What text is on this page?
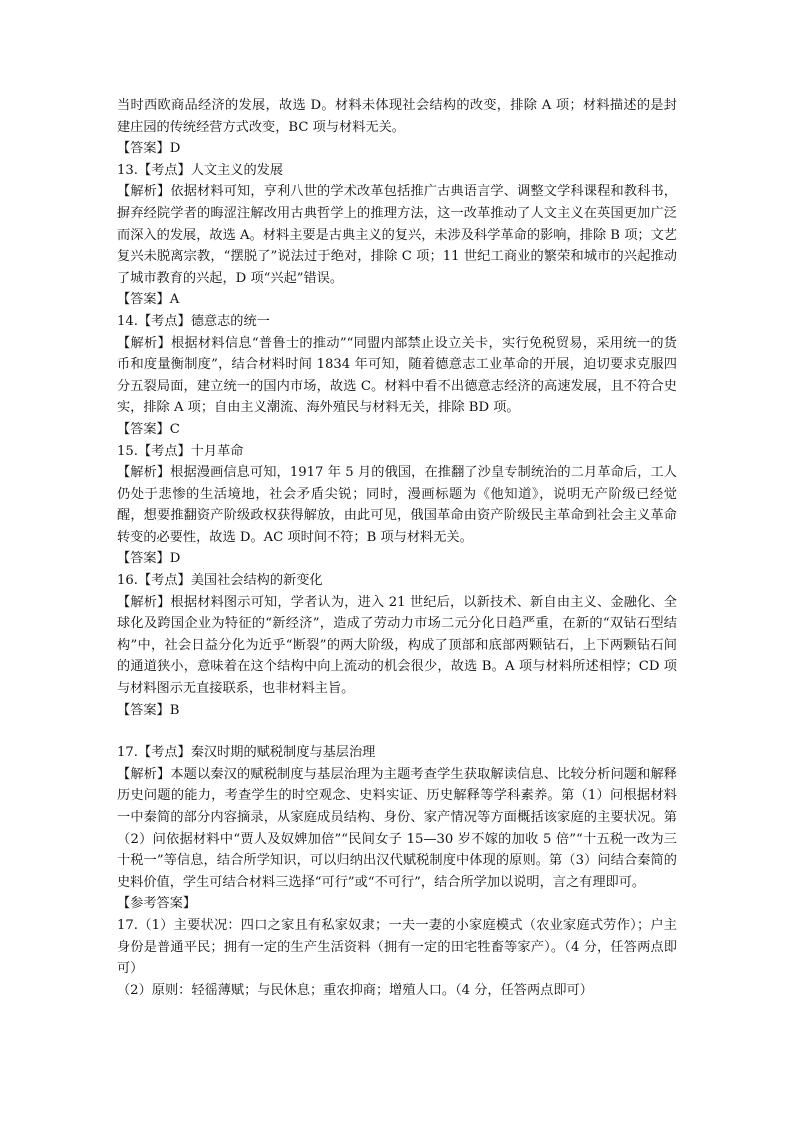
当时西欧商品经济的发展，故选 D。材料未体现社会结构的改变，排除 A 项；材料描述的是封建庄园的传统经营方式改变，BC 项与材料无关。

【答案】D

13.【考点】人文主义的发展

【解析】依据材料可知，亨利八世的学术改革包括推广古典语言学、调整文学科课程和教科书，摒弃经院学者的晦涩注解改用古典哲学上的推理方法，这一改革推动了人文主义在英国更加广泛而深入的发展，故选 A。材料主要是古典主义的复兴，未涉及科学革命的影响，排除 B 项；文艺复兴未脱离宗教，“摆脱了”说法过于绝对，排除 C 项；11 世纪工商业的繁荣和城市的兴起推动了城市教育的兴起，D 项“兴起”错误。

【答案】A

14.【考点】德意志的统一

【解析】根据材料信息“普鲁士的推动”“同盟内部禁止设立关卡，实行免税贸易，采用统一的货币和度量衡制度”，结合材料时间 1834 年可知，随着德意志工业革命的开展，迫切要求克服四分五裂局面，建立统一的国内市场，故选 C。材料中看不出德意志经济的高速发展，且不符合史实，排除 A 项；自由主义潮流、海外殖民与材料无关，排除 BD 项。

【答案】C

15.【考点】十月革命

【解析】根据漫画信息可知，1917 年 5 月的俄国，在推翻了沙皇专制统治的二月革命后，工人仍处于悲惨的生活境地，社会矛盾尖锐；同时，漫画标题为《他知道》，说明无产阶级已经觉醒，想要推翻资产阶级政权获得解放，由此可见，俄国革命由资产阶级民主革命到社会主义革命转变的必要性，故选 D。AC 项时间不符；B 项与材料无关。

【答案】D

16.【考点】美国社会结构的新变化

【解析】根据材料图示可知，学者认为，进入 21 世纪后，以新技术、新自由主义、金融化、全球化及跨国企业为特征的“新经济”，造成了劳动力市场二元分化日趋严重，在新的“双钻石型结构”中，社会日益分化为近乎“断裂”的两大阶级，构成了顶部和底部两颗钻石，上下两颗钻石间的通道狭小，意味着在这个结构中向上流动的机会很少，故选 B。A 项与材料所述相悖；CD 项与材料图示无直接联系，也非材料主旨。

【答案】B

17.【考点】秦汉时期的赋税制度与基层治理

【解析】本题以秦汉的赋税制度与基层治理为主题考查学生获取解读信息、比较分析问题和解释历史问题的能力，考查学生的时空观念、史料实证、历史解释等学科素养。第（1）问根据材料一中秦简的部分内容摘录，从家庭成员结构、身份、家产情况等方面概括该家庭的主要状况。第（2）问依据材料中“贾人及奴婢加倍”“民间女子 15—30 岁不嫁的加收 5 倍”“十五税一改为三十税一”等信息，结合所学知识，可以归纳出汉代赋税制度中体现的原则。第（3）问结合秦简的史料价值，学生可结合材料三选择“可行”或“不可行”，结合所学加以说明，言之有理即可。

【参考答案】

17.（1）主要状况：四口之家且有私家奴隶；一夫一妻的小家庭模式（农业家庭式劳作）；户主身份是普通平民；拥有一定的生产生活资料（拥有一定的田宅牲畜等家产）。（4 分，任答两点即可）

（2）原则：轻徭薄赋；与民休息；重农抑商；增殖人口。（4 分，任答两点即可）
